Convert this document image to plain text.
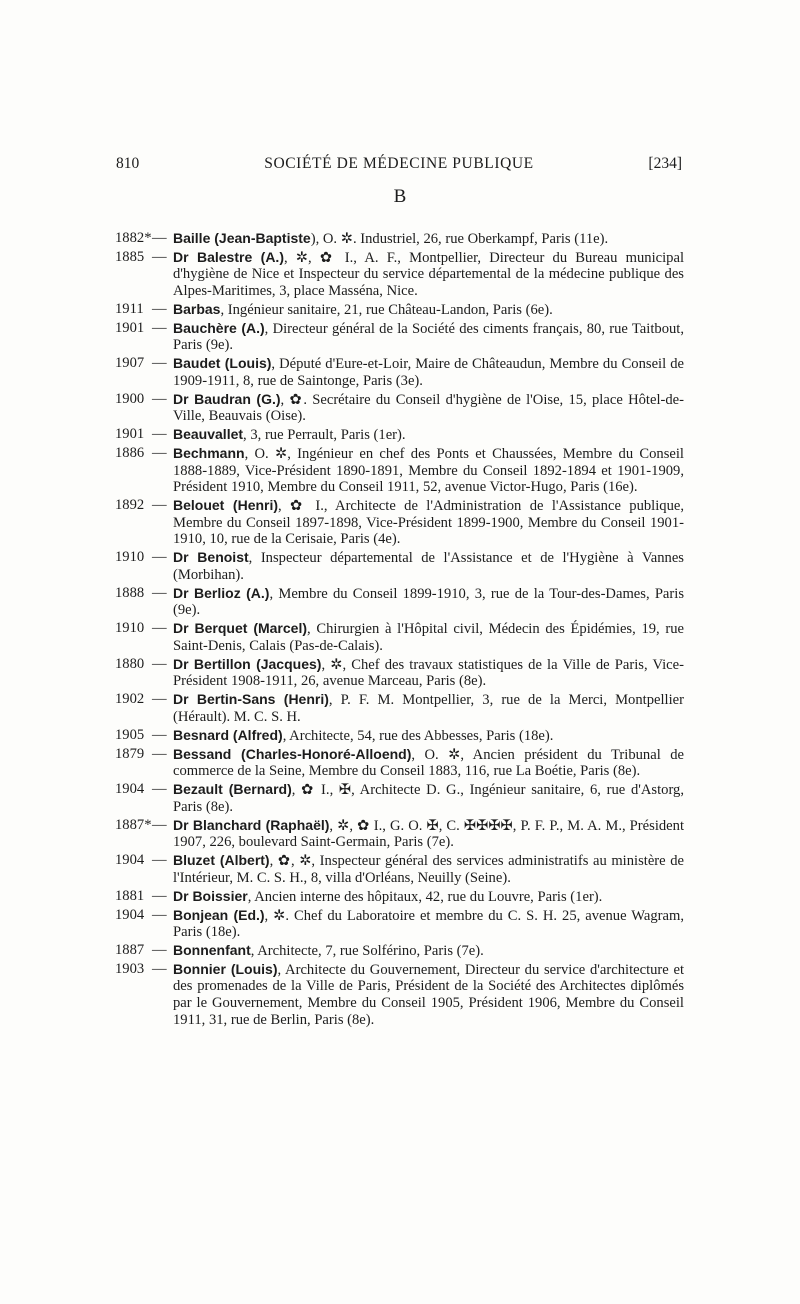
810	SOCIÉTÉ DE MÉDECINE PUBLIQUE	[234]
B
1882* — Baille (Jean-Baptiste), O. ✲. Industriel, 26, rue Oberkampf, Paris (11e).
1885 — Dr Balestre (A.), ✲, ✿ I., A. F., Montpellier, Directeur du Bureau municipal d'hygiène de Nice et Inspecteur du service départemental de la médecine publique des Alpes-Maritimes, 3, place Masséna, Nice.
1911 — Barbas, Ingénieur sanitaire, 21, rue Château-Landon, Paris (6e).
1901 — Bauchère (A.), Directeur général de la Société des ciments français, 80, rue Taitbout, Paris (9e).
1907 — Baudet (Louis), Député d'Eure-et-Loir, Maire de Châteaudun, Membre du Conseil de 1909-1911, 8, rue de Saintonge, Paris (3e).
1900 — Dr Baudran (G.), ✿. Secrétaire du Conseil d'hygiène de l'Oise, 15, place Hôtel-de-Ville, Beauvais (Oise).
1901 — Beauvallet, 3, rue Perrault, Paris (1er).
1886 — Bechmann, O. ✲, Ingénieur en chef des Ponts et Chaussées, Membre du Conseil 1888-1889, Vice-Président 1890-1891, Membre du Conseil 1892-1894 et 1901-1909, Président 1910, Membre du Conseil 1911, 52, avenue Victor-Hugo, Paris (16e).
1892 — Belouet (Henri), ✿ I., Architecte de l'Administration de l'Assistance publique, Membre du Conseil 1897-1898, Vice-Président 1899-1900, Membre du Conseil 1901-1910, 10, rue de la Cerisaie, Paris (4e).
1910 — Dr Benoist, Inspecteur départemental de l'Assistance et de l'Hygiène à Vannes (Morbihan).
1888 — Dr Berlioz (A.), Membre du Conseil 1899-1910, 3, rue de la Tour-des-Dames, Paris (9e).
1910 — Dr Berquet (Marcel), Chirurgien à l'Hôpital civil, Médecin des Épidémies, 19, rue Saint-Denis, Calais (Pas-de-Calais).
1880 — Dr Bertillon (Jacques), ✲, Chef des travaux statistiques de la Ville de Paris, Vice-Président 1908-1911, 26, avenue Marceau, Paris (8e).
1902 — Dr Bertin-Sans (Henri), P. F. M. Montpellier, 3, rue de la Merci, Montpellier (Hérault). M. C. S. H.
1905 — Besnard (Alfred), Architecte, 54, rue des Abbesses, Paris (18e).
1879 — Bessand (Charles-Honoré-Alloend), O. ✲, Ancien président du Tribunal de commerce de la Seine, Membre du Conseil 1883, 116, rue La Boétie, Paris (8e).
1904 — Bezault (Bernard), ✿ I., ✠, Architecte D. G., Ingénieur sanitaire, 6, rue d'Astorg, Paris (8e).
1887* — Dr Blanchard (Raphaël), ✲, ✿ I., G. O. ✠, C. ✠✠✠✠, P. F. P., M. A. M., Président 1907, 226, boulevard Saint-Germain, Paris (7e).
1904 — Bluzet (Albert), ✿, ✲, Inspecteur général des services administratifs au ministère de l'Intérieur, M. C. S. H., 8, villa d'Orléans, Neuilly (Seine).
1881 — Dr Boissier, Ancien interne des hôpitaux, 42, rue du Louvre, Paris (1er).
1904 — Bonjean (Ed.), ✲. Chef du Laboratoire et membre du C. S. H. 25, avenue Wagram, Paris (18e).
1887 — Bonnenfant, Architecte, 7, rue Solférino, Paris (7e).
1903 — Bonnier (Louis), Architecte du Gouvernement, Directeur du service d'architecture et des promenades de la Ville de Paris, Président de la Société des Architectes diplômés par le Gouvernement, Membre du Conseil 1905, Président 1906, Membre du Conseil 1911, 31, rue de Berlin, Paris (8e).
